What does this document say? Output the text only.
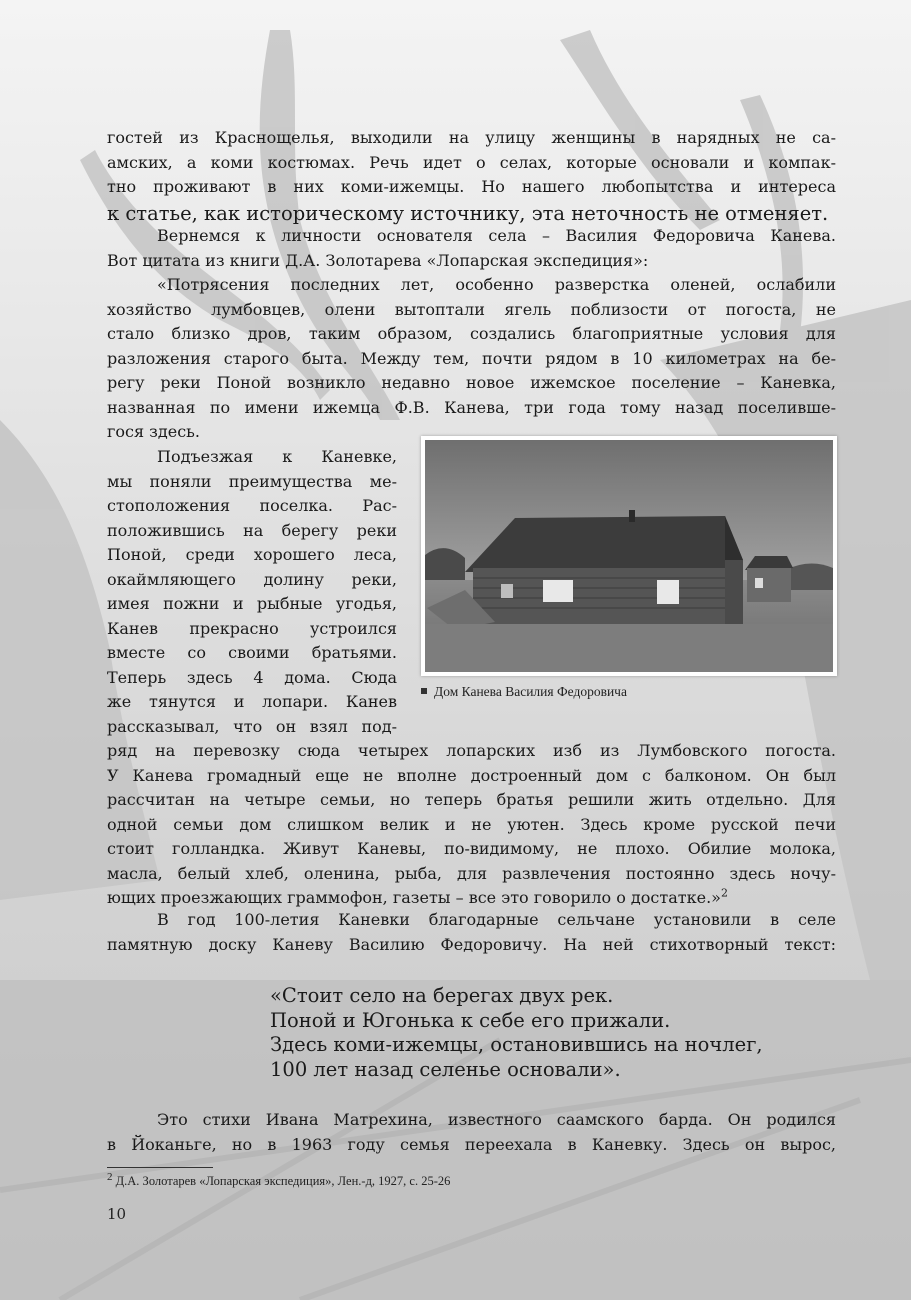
гостей из Краснощелья, выходили на улицу женщины в нарядных не са-
амских, а коми костюмах. Речь идет о селах, которые основали и компак-
тно проживают в них коми-ижемцы. Но нашего любопытства и интереса
к статье, как историческому источнику, эта неточность не отменяет.
Вернемся к личности основателя села – Василия Федоровича Канева.
Вот цитата из книги Д.А. Золотарева «Лопарская экспедиция»:
«Потрясения последних лет, особенно разверстка оленей, ослабили
хозяйство лумбовцев, олени вытоптали ягель поблизости от погоста, не
стало близко дров, таким образом, создались благоприятные условия для
разложения старого быта. Между тем, почти рядом в 10 километрах на бе-
регу реки Поной возникло недавно новое ижемское поселение – Каневка,
названная по имени ижемца Ф.В. Канева, три года тому назад поселивше-
гося здесь.
Подъезжая к Каневке,
мы поняли преимущества ме-
стоположения поселка. Рас-
положившись на берегу реки
Поной, среди хорошего леса,
окаймляющего долину реки,
имея пожни и рыбные угодья,
Канев прекрасно устроился
вместе со своими братьями.
Теперь здесь 4 дома. Сюда
же тянутся и лопари. Канев
рассказывал, что он взял под-
Дом Канева Василия Федоровича
ряд на перевозку сюда четырех лопарских изб из Лумбовского погоста.
У Канева громадный еще не вполне достроенный дом с балконом. Он был
рассчитан на четыре семьи, но теперь братья решили жить отдельно. Для
одной семьи дом слишком велик и не уютен. Здесь кроме русской печи
стоит голландка. Живут Каневы, по-видимому, не плохо. Обилие молока,
масла, белый хлеб, оленина, рыба, для развлечения постоянно здесь ночу-
ющих проезжающих граммофон, газеты – все это говорило о достатке.»$^2$
В год 100-летия Каневки благодарные сельчане установили в селе
памятную доску Каневу Василию Федоровичу. На ней стихотворный текст:
«Стоит село на берегах двух рек.
Поной и Югонька к себе его прижали.
Здесь коми-ижемцы, остановившись на ночлег,
100 лет назад селенье основали».
Это стихи Ивана Матрехина, известного саамского барда. Он родился
в Йоканьге, но в 1963 году семья переехала в Каневку. Здесь он вырос,
$^2$ Д.А. Золотарев «Лопарская экспедиция», Лен.-д, 1927, с. 25-26
10
